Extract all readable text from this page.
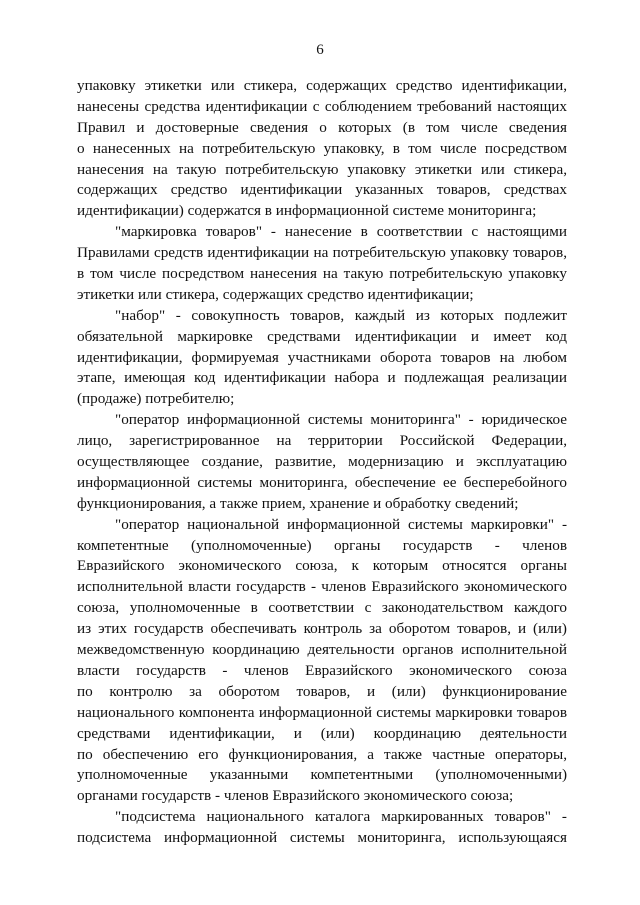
6
упаковку этикетки или стикера, содержащих средство идентификации,
нанесены средства идентификации с соблюдением требований настоящих
Правил и достоверные сведения о которых (в том числе сведения
о нанесенных на потребительскую упаковку, в том числе посредством
нанесения на такую потребительскую упаковку этикетки или стикера,
содержащих средство идентификации указанных товаров, средствах
идентификации) содержатся в информационной системе мониторинга;
"маркировка товаров" - нанесение в соответствии с настоящими
Правилами средств идентификации на потребительскую упаковку товаров,
в том числе посредством нанесения на такую потребительскую упаковку
этикетки или стикера, содержащих средство идентификации;
"набор" - совокупность товаров, каждый из которых подлежит
обязательной маркировке средствами идентификации и имеет код
идентификации, формируемая участниками оборота товаров на любом
этапе, имеющая код идентификации набора и подлежащая реализации
(продаже) потребителю;
"оператор информационной системы мониторинга" - юридическое
лицо, зарегистрированное на территории Российской Федерации,
осуществляющее создание, развитие, модернизацию и эксплуатацию
информационной системы мониторинга, обеспечение ее бесперебойного
функционирования, а также прием, хранение и обработку сведений;
"оператор национальной информационной системы маркировки" -
компетентные (уполномоченные) органы государств - членов
Евразийского экономического союза, к которым относятся органы
исполнительной власти государств - членов Евразийского экономического
союза, уполномоченные в соответствии с законодательством каждого
из этих государств обеспечивать контроль за оборотом товаров, и (или)
межведомственную координацию деятельности органов исполнительной
власти государств - членов Евразийского экономического союза
по контролю за оборотом товаров, и (или) функционирование
национального компонента информационной системы маркировки товаров
средствами идентификации, и (или) координацию деятельности
по обеспечению его функционирования, а также частные операторы,
уполномоченные указанными компетентными (уполномоченными)
органами государств - членов Евразийского экономического союза;
"подсистема национального каталога маркированных товаров" -
подсистема информационной системы мониторинга, использующаяся
